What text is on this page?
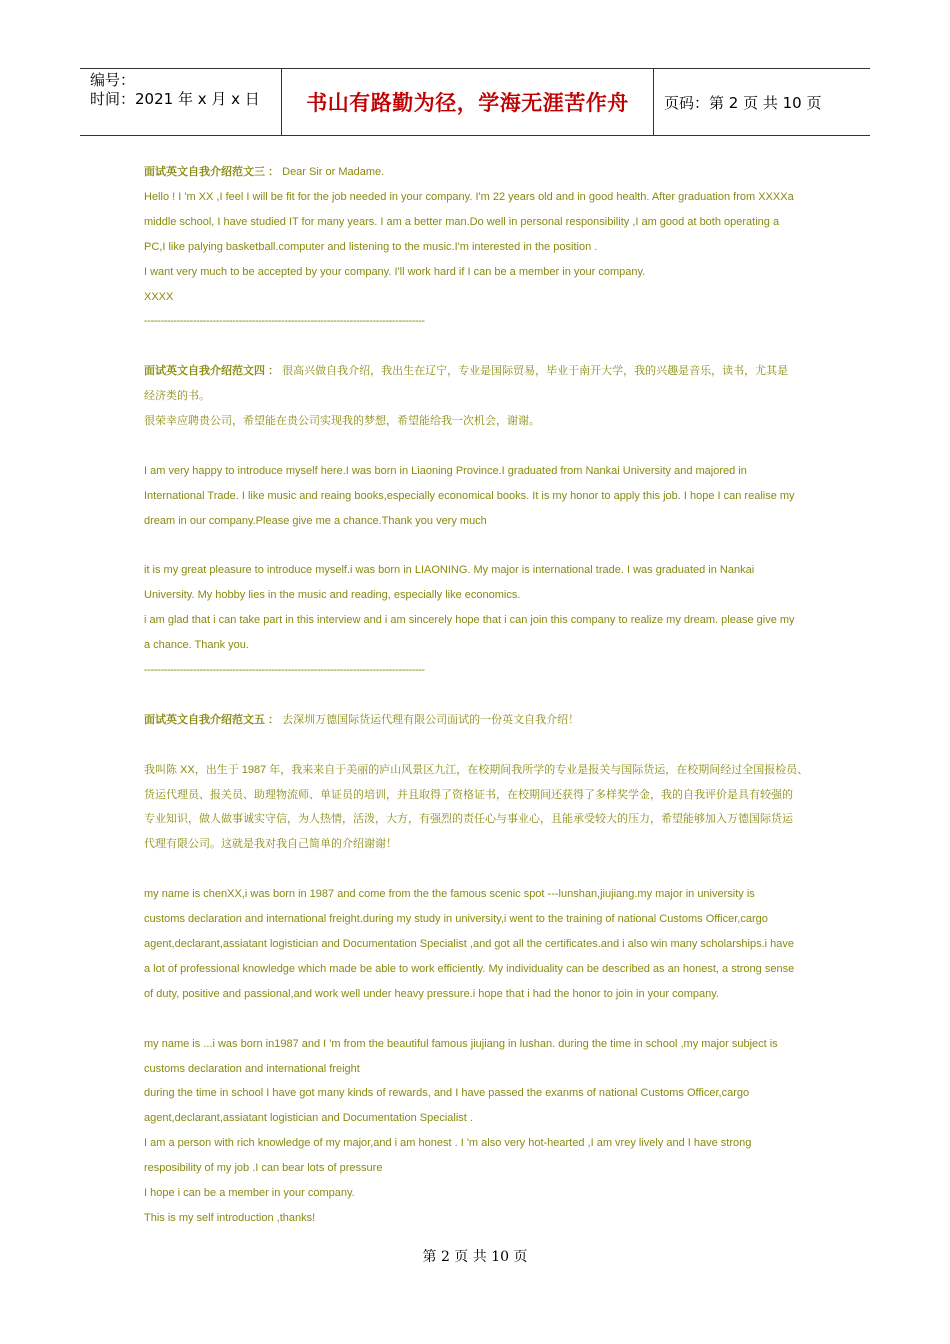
编号：
时间：2021 年 x 月 x 日	书山有路勤为径，学海无涯苦作舟 页码：第 2 页 共 10 页

面试英文自我介绍范文三 ： Dear Sir or Madame.

Hello ! I 'm XX ,I feel I will be fit for the job needed in your company. I'm 22 years old and in good health. After graduation from XXXXa

middle school, I have studied IT for many years. I am a better man.Do well in personal responsibility ,I am good at both operating a

PC,I like palying basketball.computer and listening to the music.I'm interested in the position .

I want very much to be accepted by your company. I'll work hard if I can be a member in your company.

XXXX

--------------------------------------------------------------------------------------

面试英文自我介绍范文四 ： 很高兴做自我介绍，我出生在辽宁，专业是国际贸易，毕业于南开大学，我的兴趣是音乐，读书，尤其是

经济类的书。

很荣幸应聘贵公司，希望能在贵公司实现我的梦想，希望能给我一次机会，谢谢。

I am very happy to introduce myself here.I was born in Liaoning Province.I graduated from Nankai University and majored in

International Trade. I like music and reaing books,especially economical books. It is my honor to apply this job. I hope I can realise my

dream in our company.Please give me a chance.Thank you very much

it is my great pleasure to introduce myself.i was born in LIAONING. My major is international trade. I was graduated in Nankai

University. My hobby lies in the music and reading, especially like economics.

i am glad that i can take part in this interview and i am sincerely hope that i can join this company to realize my dream. please give my

a chance. Thank you.

--------------------------------------------------------------------------------------

面试英文自我介绍范文五 ： 去深圳万德国际货运代理有限公司面试的一份英文自我介绍！

我叫陈 XX，出生于 1987 年，我来来自于美丽的庐山风景区九江，在校期间我所学的专业是报关与国际货运，在校期间经过全国报检员、

货运代理员、报关员、助理物流师、单证员的培训，并且取得了资格证书，在校期间还获得了多样奖学金，我的自我评价是具有较强的

专业知识，做人做事诚实守信，为人热情，活泼，大方，有强烈的责任心与事业心，且能承受较大的压力，希望能够加入万德国际货运

代理有限公司。这就是我对我自己简单的介绍谢谢！

my name is chenXX,i was born in 1987 and come from the the famous scenic spot ---lunshan,jiujiang.my major in university is

customs declaration and international freight.during my study in university,i went to the training of national Customs Officer,cargo

agent,declarant,assiatant logistician and Documentation Specialist ,and got all the certificates.and i also win many scholarships.i have

a lot of professional knowledge which made be able to work efficiently. My individuality can be described as an honest, a strong sense

of duty, positive and passional,and work well under heavy pressure.i hope that i had the honor to join in your company.

my name is ...i was born in1987 and I 'm from the beautiful famous jiujiang in lushan. during the time in school ,my major subject is

customs declaration and international freight

during the time in school I have got many kinds of rewards, and I have passed the exanms of national Customs Officer,cargo

agent,declarant,assiatant logistician and Documentation Specialist .

I am a person with rich knowledge of my major,and i am honest . I 'm also very hot-hearted ,I am vrey lively and I have strong

resposibility of my job .I can bear lots of pressure

I hope i can be a member in your company.

This is my self introduction ,thanks!

第 2 页 共 10 页
